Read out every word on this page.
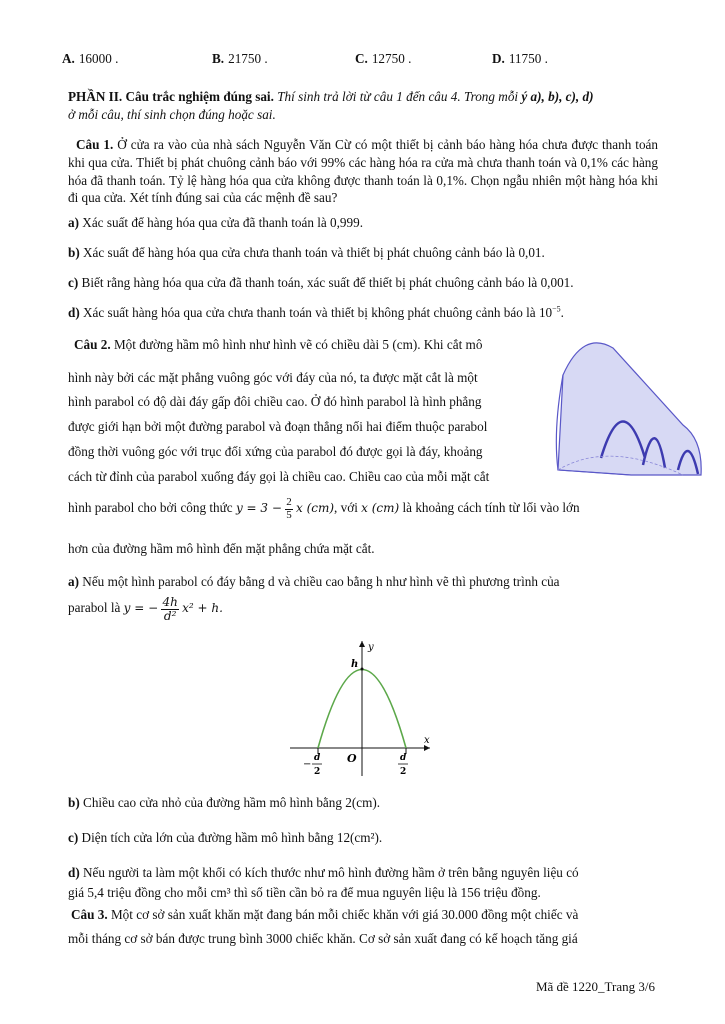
A. 16000 .	B. 21750 .	C. 12750 .	D. 11750 .
PHẦN II. Câu trắc nghiệm đúng sai. Thí sinh trả lời từ câu 1 đến câu 4. Trong mỗi ý a), b), c), d)
ở mỗi câu, thí sinh chọn đúng hoặc sai.
Câu 1. Ở cửa ra vào của nhà sách Nguyễn Văn Cừ có một thiết bị cảnh báo hàng hóa chưa được thanh toán khi qua cửa. Thiết bị phát chuông cảnh báo với 99% các hàng hóa ra cửa mà chưa thanh toán và 0,1% các hàng hóa đã thanh toán. Tỷ lệ hàng hóa qua cửa không được thanh toán là 0,1%. Chọn ngẫu nhiên một hàng hóa khi đi qua cửa. Xét tính đúng sai của các mệnh đề sau?
a) Xác suất để hàng hóa qua cửa đã thanh toán là 0,999.
b) Xác suất để hàng hóa qua cửa chưa thanh toán và thiết bị phát chuông cảnh báo là 0,01.
c) Biết rằng hàng hóa qua cửa đã thanh toán, xác suất để thiết bị phát chuông cảnh báo là 0,001.
d) Xác suất hàng hóa qua cửa chưa thanh toán và thiết bị không phát chuông cảnh báo là $10^{-5}$.
Câu 2. Một đường hầm mô hình như hình vẽ có chiều dài 5 (cm). Khi cắt mô
hình này bởi các mặt phẳng vuông góc với đáy của nó, ta được mặt cắt là một
hình parabol có độ dài đáy gấp đôi chiều cao. Ở đó hình parabol là hình phẳng
được giới hạn bởi một đường parabol và đoạn thẳng nối hai điểm thuộc parabol
đồng thời vuông góc với trục đối xứng của parabol đó được gọi là đáy, khoảng
cách từ đỉnh của parabol xuống đáy gọi là chiều cao. Chiều cao của mỗi mặt cắt
hình parabol cho bởi công thức $y = 3 - \frac{2}{5}$ x (cm), với x (cm) là khoảng cách tính từ lối vào lớn
hơn của đường hầm mô hình đến mặt phẳng chứa mặt cắt.
a) Nếu một hình parabol có đáy bằng d và chiều cao bằng h như hình vẽ thì phương trình của
parabol là y = − $\frac{4h}{\text{d²}} x^2 + h$.
b) Chiều cao cửa nhỏ của đường hầm mô hình bằng 2(cm).
c) Diện tích cửa lớn của đường hầm mô hình bằng 12(cm²).
d) Nếu người ta làm một khối có kích thước như mô hình đường hầm ở trên bằng nguyên liệu có
giá 5,4 triệu đồng cho mỗi cm³ thì số tiền cần bỏ ra để mua nguyên liệu là 156 triệu đồng.
Câu 3. Một cơ sở sản xuất khăn mặt đang bán mỗi chiếc khăn với giá 30.000 đồng một chiếc và
mỗi tháng cơ sở bán được trung bình 3000 chiếc khăn. Cơ sở sản xuất đang có kế hoạch tăng giá
y
x
h
O
−
d
2
d
2
Mã đề 1220_Trang 3/6
